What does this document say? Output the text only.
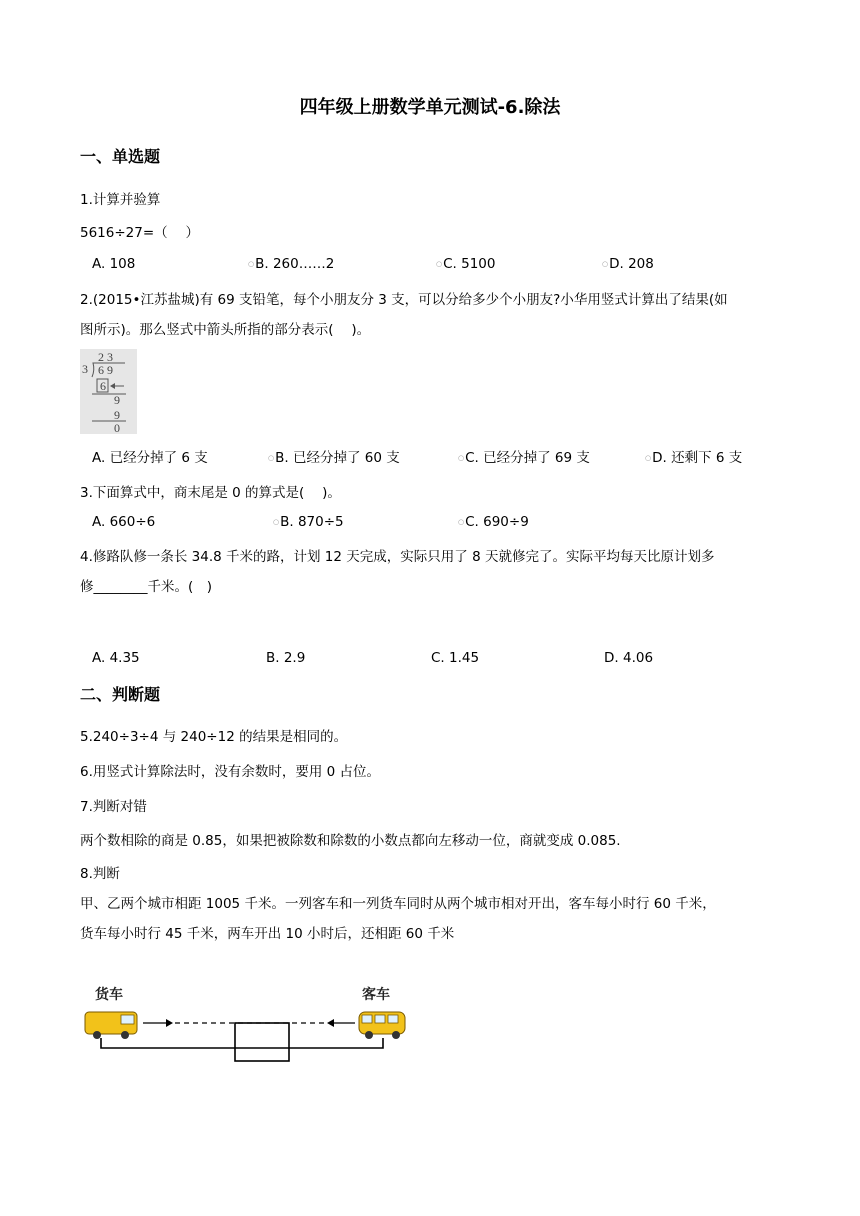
四年级上册数学单元测试-6.除法
一、单选题
1.计算并验算
5616÷27=（　 ）
A. 108	○B. 260……2	○C. 5100	○D. 208
2.(2015•江苏盐城)有 69 支铅笔，每个小朋友分 3 支，可以分给多少个小朋友?小华用竖式计算出了结果(如
图所示)。那么竖式中箭头所指的部分表示(　 )。
2 3
3 6 9
6
9
9
0
A. 已经分掉了 6 支	○B. 已经分掉了 60 支	○C. 已经分掉了 69 支	○D. 还剩下 6 支
3.下面算式中，商末尾是 0 的算式是(　 )。
A. 660÷6	○B. 870÷5	○C. 690÷9
4.修路队修一条长 34.8 千米的路，计划 12 天完成，实际只用了 8 天就修完了。实际平均每天比原计划多
修________千米。(　)
A. 4.35	B. 2.9	C. 1.45	D. 4.06
二、判断题
5.240÷3÷4 与 240÷12 的结果是相同的。
6.用竖式计算除法时，没有余数时，要用 0 占位。
7.判断对错
两个数相除的商是 0.85，如果把被除数和除数的小数点都向左移动一位，商就变成 0.085.
8.判断
甲、乙两个城市相距 1005 千米。一列客车和一列货车同时从两个城市相对开出，客车每小时行 60 千米，
货车每小时行 45 千米，两车开出 10 小时后，还相距 60 千米
货车	客车
